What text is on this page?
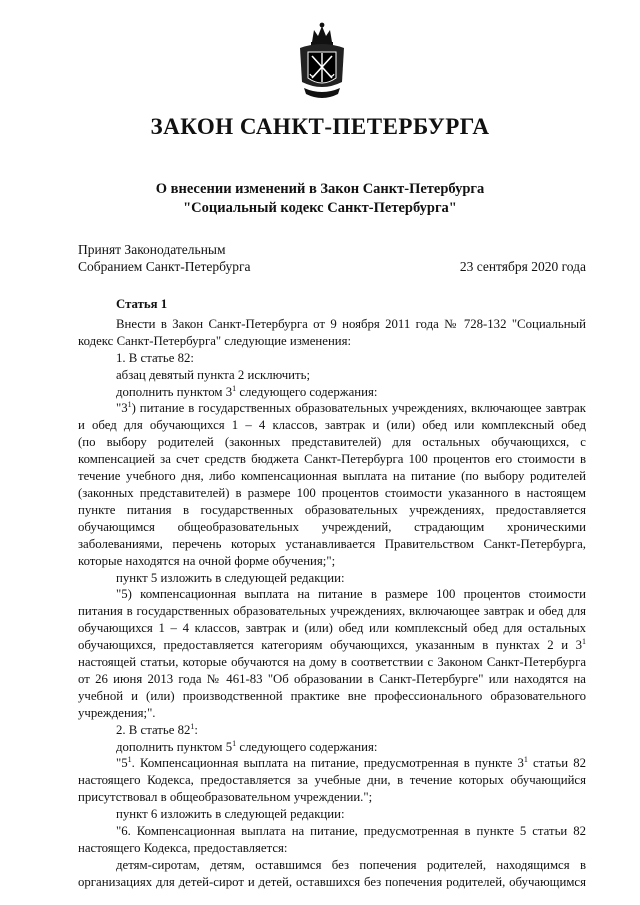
ЗАКОН САНКТ-ПЕТЕРБУРГА
О внесении изменений в Закон Санкт-Петербурга
"Социальный кодекс Санкт-Петербурга"
Принят Законодательным
Собранием Санкт-Петербурга	23 сентября 2020 года

Статья 1

Внести в Закон Санкт-Петербурга от 9 ноября 2011 года № 728-132 "Социальный

кодекс Санкт-Петербурга" следующие изменения:

1. В статье 82:

абзац девятый пункта 2 исключить;

дополнить пунктом $3^1$ следующего содержания:

"$3^1$) питание в государственных образовательных учреждениях, включающее завтрак

и обед для обучающихся 1 – 4 классов, завтрак и (или) обед или комплексный обед

(по выбору родителей (законных представителей) для остальных обучающихся, с

компенсацией за счет средств бюджета Санкт-Петербурга 100 процентов его стоимости в

течение учебного дня, либо компенсационная выплата на питание (по выбору родителей

(законных представителей) в размере 100 процентов стоимости указанного в настоящем

пункте питания в государственных образовательных учреждениях, предоставляется

обучающимся общеобразовательных учреждений, страдающим хроническими

заболеваниями, перечень которых устанавливается Правительством Санкт-Петербурга,

которые находятся на очной форме обучения;";

пункт 5 изложить в следующей редакции:

"5) компенсационная выплата на питание в размере 100 процентов стоимости

питания в государственных образовательных учреждениях, включающее завтрак и обед для

обучающихся 1 – 4 классов, завтрак и (или) обед или комплексный обед для остальных

обучающихся, предоставляется категориям обучающихся, указанным в пунктах 2 и $3^1$

настоящей статьи, которые обучаются на дому в соответствии с Законом Санкт-Петербурга

от 26 июня 2013 года № 461-83 "Об образовании в Санкт-Петербурге" или находятся на

учебной и (или) производственной практике вне профессионального образовательного

учреждения;".

2. В статье $82^1$:

дополнить пунктом $5^1$ следующего содержания:

"$5^1$. Компенсационная выплата на питание, предусмотренная в пункте $3^1$ статьи 82

настоящего Кодекса, предоставляется за учебные дни, в течение которых обучающийся

присутствовал в общеобразовательном учреждении.";

пункт 6 изложить в следующей редакции:

"6. Компенсационная выплата на питание, предусмотренная в пункте 5 статьи 82

настоящего Кодекса, предоставляется:

детям-сиротам, детям, оставшимся без попечения родителей, находящимся в

организациях для детей-сирот и детей, оставшихся без попечения родителей, обучающимся
